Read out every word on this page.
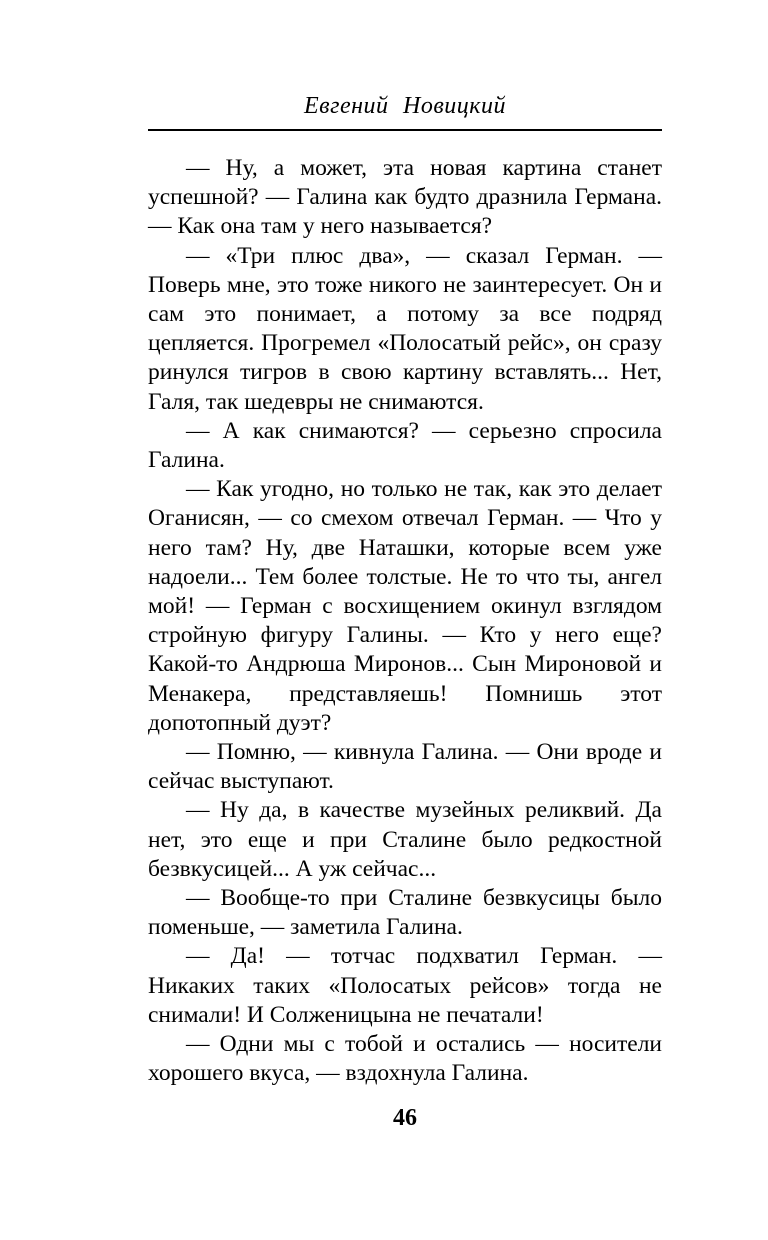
Евгений Новицкий

— Ну, а может, эта новая картина станет успешной? — Галина как будто дразнила Германа. — Как она там у него называется?

— «Три плюс два», — сказал Герман. — Поверь мне, это тоже никого не заинтересует. Он и сам это понимает, а потому за все подряд цепляется. Прогремел «Полосатый рейс», он сразу ринулся тигров в свою картину вставлять... Нет, Галя, так шедевры не снимаются.

— А как снимаются? — серьезно спросила Галина.

— Как угодно, но только не так, как это делает Оганисян, — со смехом отвечал Герман. — Что у него там? Ну, две Наташки, которые всем уже надоели... Тем более толстые. Не то что ты, ангел мой! — Герман с восхищением окинул взглядом стройную фигуру Галины. — Кто у него еще? Какой-то Андрюша Миронов... Сын Мироновой и Менакера, представляешь! Помнишь этот допотопный дуэт?

— Помню, — кивнула Галина. — Они вроде и сейчас выступают.

— Ну да, в качестве музейных реликвий. Да нет, это еще и при Сталине было редкостной безвкусицей... А уж сейчас...

— Вообще-то при Сталине безвкусицы было поменьше, — заметила Галина.

— Да! — тотчас подхватил Герман. — Никаких таких «Полосатых рейсов» тогда не снимали! И Солженицына не печатали!

— Одни мы с тобой и остались — носители хорошего вкуса, — вздохнула Галина.

46
